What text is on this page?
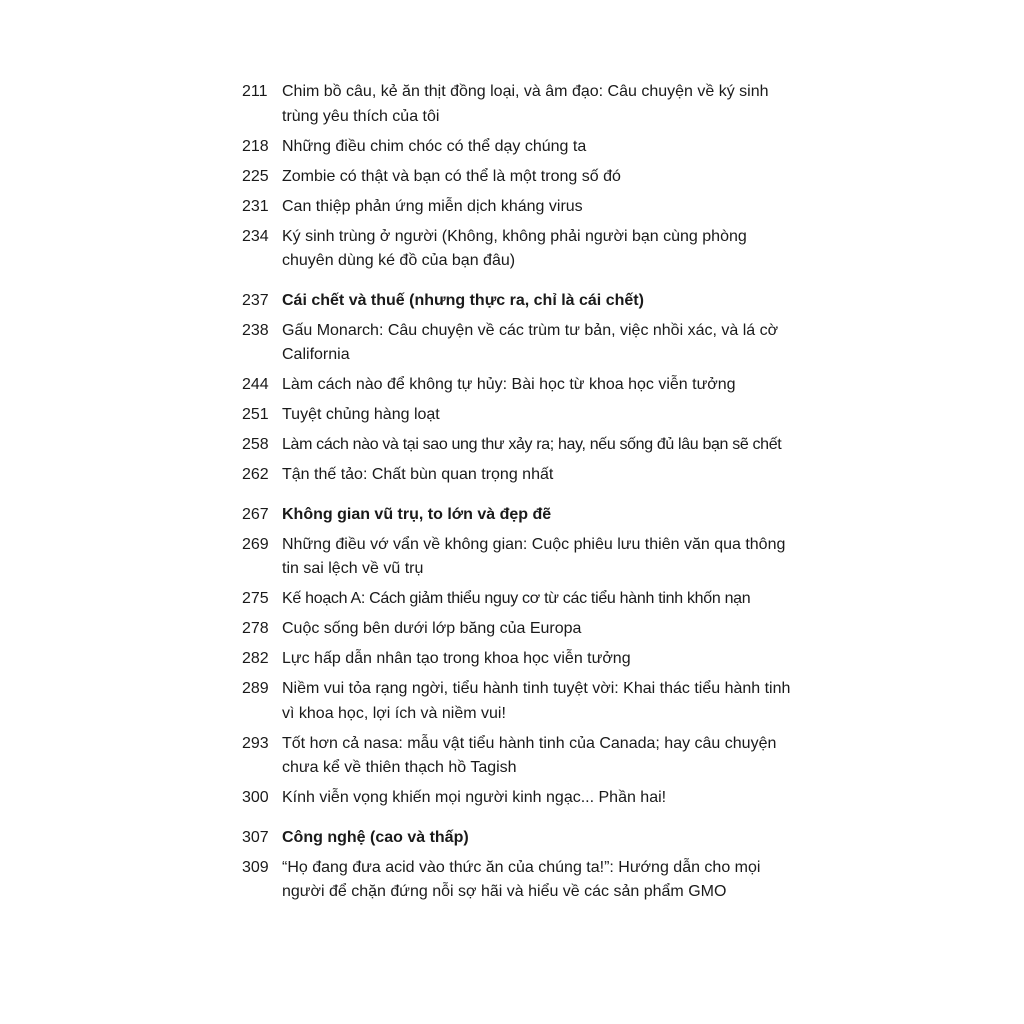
211 Chim bồ câu, kẻ ăn thịt đồng loại, và âm đạo: Câu chuyện về ký sinh trùng yêu thích của tôi
218 Những điều chim chóc có thể dạy chúng ta
225 Zombie có thật và bạn có thể là một trong số đó
231 Can thiệp phản ứng miễn dịch kháng virus
234 Ký sinh trùng ở người (Không, không phải người bạn cùng phòng chuyên dùng ké đồ của bạn đâu)
237 Cái chết và thuế (nhưng thực ra, chỉ là cái chết)
238 Gấu Monarch: Câu chuyện về các trùm tư bản, việc nhồi xác, và lá cờ California
244 Làm cách nào để không tự hủy: Bài học từ khoa học viễn tưởng
251 Tuyệt chủng hàng loạt
258 Làm cách nào và tại sao ung thư xảy ra; hay, nếu sống đủ lâu bạn sẽ chết
262 Tận thế tảo: Chất bùn quan trọng nhất
267 Không gian vũ trụ, to lớn và đẹp đẽ
269 Những điều vớ vẩn về không gian: Cuộc phiêu lưu thiên văn qua thông tin sai lệch về vũ trụ
275 Kế hoạch A: Cách giảm thiểu nguy cơ từ các tiểu hành tinh khốn nạn
278 Cuộc sống bên dưới lớp băng của Europa
282 Lực hấp dẫn nhân tạo trong khoa học viễn tưởng
289 Niềm vui tỏa rạng ngời, tiểu hành tinh tuyệt vời: Khai thác tiểu hành tinh vì khoa học, lợi ích và niềm vui!
293 Tốt hơn cả nasa: mẫu vật tiểu hành tinh của Canada; hay câu chuyện chưa kể về thiên thạch hồ Tagish
300 Kính viễn vọng khiến mọi người kinh ngạc... Phần hai!
307 Công nghệ (cao và thấp)
309 “Họ đang đưa acid vào thức ăn của chúng ta!”: Hướng dẫn cho mọi người để chặn đứng nỗi sợ hãi và hiểu về các sản phẩm GMO
